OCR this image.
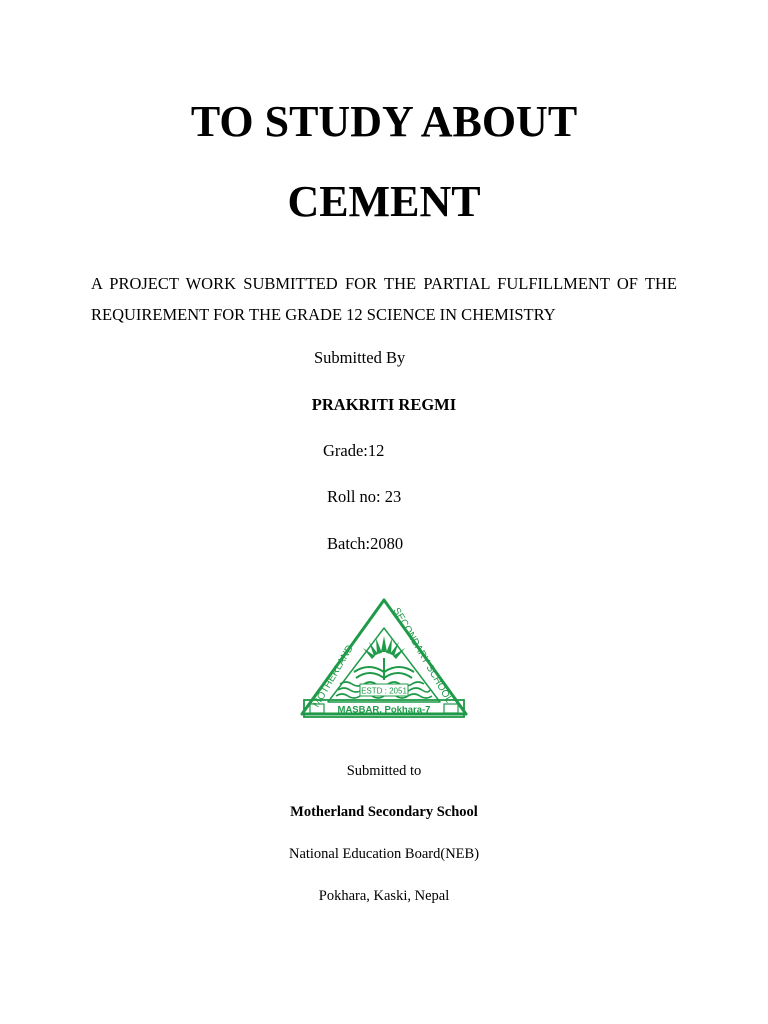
TO STUDY ABOUT
CEMENT

A PROJECT WORK SUBMITTED FOR THE PARTIAL FULFILLMENT OF THE REQUIREMENT FOR THE GRADE 12 SCIENCE IN CHEMISTRY

Submitted By

PRAKRITI REGMI

Grade:12

Roll no: 23

Batch:2080

ESTD : 2051
MOTHERLAND
SECONDARY SCHOOL
MASBAR, Pokhara-7

Submitted to

Motherland Secondary School

National Education Board(NEB)

Pokhara, Kaski, Nepal
